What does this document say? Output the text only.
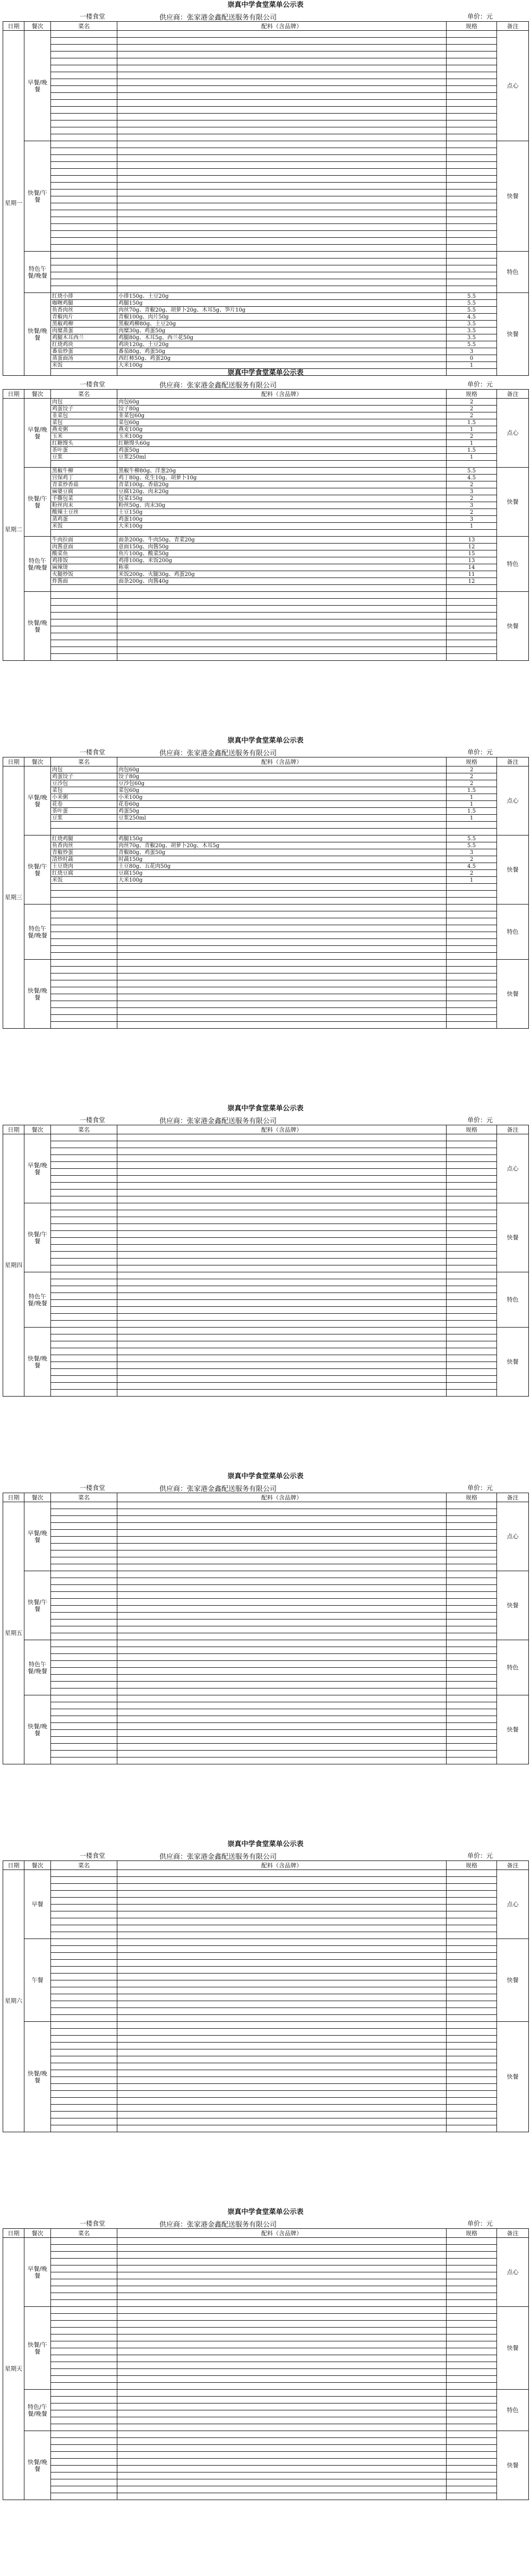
崇真中学食堂菜单公示表
一楼食堂	供应商：张家港金鑫配送服务有限公司	单价：元
日期	餐次	菜名	配料（含品牌）	规格	备注
星期一	早餐/晚餐				点心

	快餐/午餐				快餐

	特色午餐/晚餐				特色

	快餐/晚餐	红烧小排	小排150g、土豆20g	5.5	快餐
		咖喱鸡腿	鸡腿150g	5.5	
		鱼香肉丝	肉丝70g、青椒20g、胡萝卜20g、木耳5g、笋片10g	5.5	
		青椒肉片	青椒100g、肉片50g	4.5	
		黑椒鸡柳	黑椒鸡柳80g、土豆20g	3.5	
		肉糜蒸蛋	肉糜30g、鸡蛋50g	3.5	
		鸡腿木耳西兰	鸡腿80g、木耳5g、西兰花50g	3.5	
		红烧鸡块	鸡块120g、土豆20g	5.5	
		番茄炒蛋	番茄80g、鸡蛋50g	3	
		蒸蛋面汤	西红柿50g、鸡蛋20g	0	
		米饭	大米100g	1	

崇真中学食堂菜单公示表
一楼食堂	供应商：张家港金鑫配送服务有限公司	单价：元
日期	餐次	菜名	配料（含品牌）	规格	备注
星期二	早餐/晚餐	肉包	肉包60g	2	点心
		鸡蛋饺子	饺子80g	2	
		韭菜包	韭菜包60g	2	
		菜包	菜包60g	1.5	
		燕麦粥	燕麦100g	1	
		玉米	玉米100g	2	
		红糖馒头	红糖馒头60g	1	
		茶叶蛋	鸡蛋50g	1.5	
		豆浆	豆浆250ml	1	

	快餐/午餐	黑椒牛柳	黑椒牛柳80g、洋葱20g	5.5	快餐
		宫保鸡丁	鸡丁80g、花生10g、胡萝卜10g	4.5	
		青菜炒香菇	青菜100g、香菇20g	2	
		麻婆豆腐	豆腐120g、肉末20g	3	
		手撕包菜	包菜150g	2	
		粉丝肉末	粉丝50g、肉末30g	3	
		酸辣土豆丝	土豆150g	2	
		蒸鸡蛋	鸡蛋100g	3	
		米饭	大米100g	1	

	特色午餐/晚餐	牛肉拉面	面条200g、牛肉50g、青菜20g	13	特色
		肉酱意面	意面150g、肉酱50g	12	
		酸菜鱼	鱼片100g、酸菜50g	15	
		鸡排饭	鸡排100g、米饭200g	13	
		麻辣烫	称重	14	
		火腿炒饭	米饭200g、火腿30g、鸡蛋20g	11	
		炸酱面	面条200g、肉酱40g	12	

	快餐/晚餐				快餐

崇真中学食堂菜单公示表
一楼食堂	供应商：张家港金鑫配送服务有限公司	单价：元
日期	餐次	菜名	配料（含品牌）	规格	备注
星期三	早餐/晚餐	肉包	肉包60g	2	点心
		鸡蛋饺子	饺子80g	2	
		豆沙包	豆沙包60g	2	
		菜包	菜包60g	1.5	
		小米粥	小米100g	1	
		花卷	花卷60g	1	
		茶叶蛋	鸡蛋50g	1.5	
		豆浆	豆浆250ml	1	

	快餐/午餐	红烧鸡腿	鸡腿150g	5.5	快餐
		鱼香肉丝	肉丝70g、青椒20g、胡萝卜20g、木耳5g	5.5	
		青椒炒蛋	青椒80g、鸡蛋50g	3	
		清炒时蔬	时蔬150g	2	
		土豆烧肉	土豆80g、五花肉50g	4.5	
		红烧豆腐	豆腐150g	2	
		米饭	大米100g	1	

	特色午餐/晚餐				特色

	快餐/晚餐				快餐

崇真中学食堂菜单公示表
一楼食堂	供应商：张家港金鑫配送服务有限公司	单价：元
日期	餐次	菜名	配料（含品牌）	规格	备注
星期四	早餐/晚餐				点心

	快餐/午餐				快餐

	特色午餐/晚餐				特色

	快餐/晚餐				快餐

崇真中学食堂菜单公示表
一楼食堂	供应商：张家港金鑫配送服务有限公司	单价：元
日期	餐次	菜名	配料（含品牌）	规格	备注
星期五	早餐/晚餐				点心

	快餐/午餐				快餐

	特色午餐/晚餐				特色

	快餐/晚餐				快餐

崇真中学食堂菜单公示表
一楼食堂	供应商：张家港金鑫配送服务有限公司	单价：元
日期	餐次	菜名	配料（含品牌）	规格	备注
星期六	早餐				点心

	午餐				快餐

	快餐/晚餐				快餐

崇真中学食堂菜单公示表
一楼食堂	供应商：张家港金鑫配送服务有限公司	单价：元
日期	餐次	菜名	配料（含品牌）	规格	备注
星期天	早餐/晚餐				点心

	快餐/午餐				快餐

	特色/午餐/晚餐				特色

	快餐/晚餐				快餐
